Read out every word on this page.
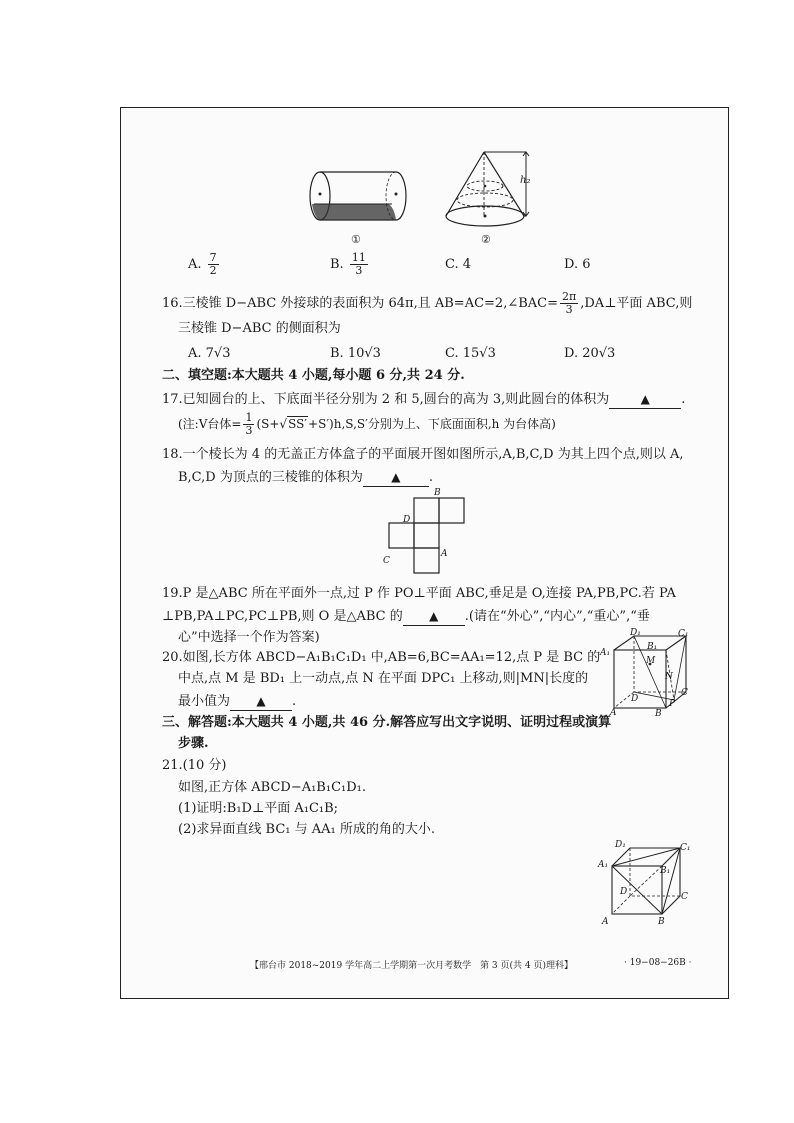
①
h₂
②
A. $\frac{7}{2}$	B. $\frac{11}{3}$	C. 4	D. 6
16.三棱锥 D−ABC 外接球的表面积为 64π,且 AB=AC=2,∠BAC= $\frac{2\pi}{3}$ ,DA⊥平面 ABC,则
三棱锥 D−ABC 的侧面积为
A. 7√3	B. 10√3	C. 15√3	D. 20√3
二、填空题:本大题共 4 小题,每小题 6 分,共 24 分.
17.已知圆台的上、下底面半径分别为 2 和 5,圆台的高为 3,则此圆台的体积为	▲ .
(注:V台体= $\frac{1}{3} (S+√SS'+S')h,S,S'$分别为上、下底面面积,h 为台体高)
18.一个棱长为 4 的无盖正方体盒子的平面展开图如图所示,A,B,C,D 为其上四个点,则以 A,
B,C,D 为顶点的三棱锥的体积为 ▲ .
B
D
C
A
19.P 是△ABC 所在平面外一点,过 P 作 PO⊥平面 ABC,垂足是 O,连接 PA,PB,PC.若 PA
⊥PB,PA⊥PC,PC⊥PB,则 O 是△ABC 的 ▲ .(请在“外心”,“内心”,“重心”,“垂
心”中选择一个作为答案)
20.如图,长方体 ABCD−A₁B₁C₁D₁ 中,AB=6,BC=AA₁=12,点 P 是 BC 的
中点,点 M 是 BD₁ 上一动点,点 N 在平面 DPC₁ 上移动,则|MN|长度的
最小值为 ▲ .
D₁	C₁
A₁
B₁
M
N
D
C
P
A	B
三、解答题:本大题共 4 小题,共 46 分.解答应写出文字说明、证明过程或演算
步骤.
21.(10 分)
如图,正方体 ABCD−A₁B₁C₁D₁.
(1)证明:B₁D⊥平面 A₁C₁B;
(2)求异面直线 BC₁ 与 AA₁ 所成的角的大小.
D₁	C₁
A₁
B₁
D	C
A	B
【邢台市 2018~2019 学年高二上学期第一次月考数学　第 3 页(共 4 页)理科】	· 19−08−26B ·
